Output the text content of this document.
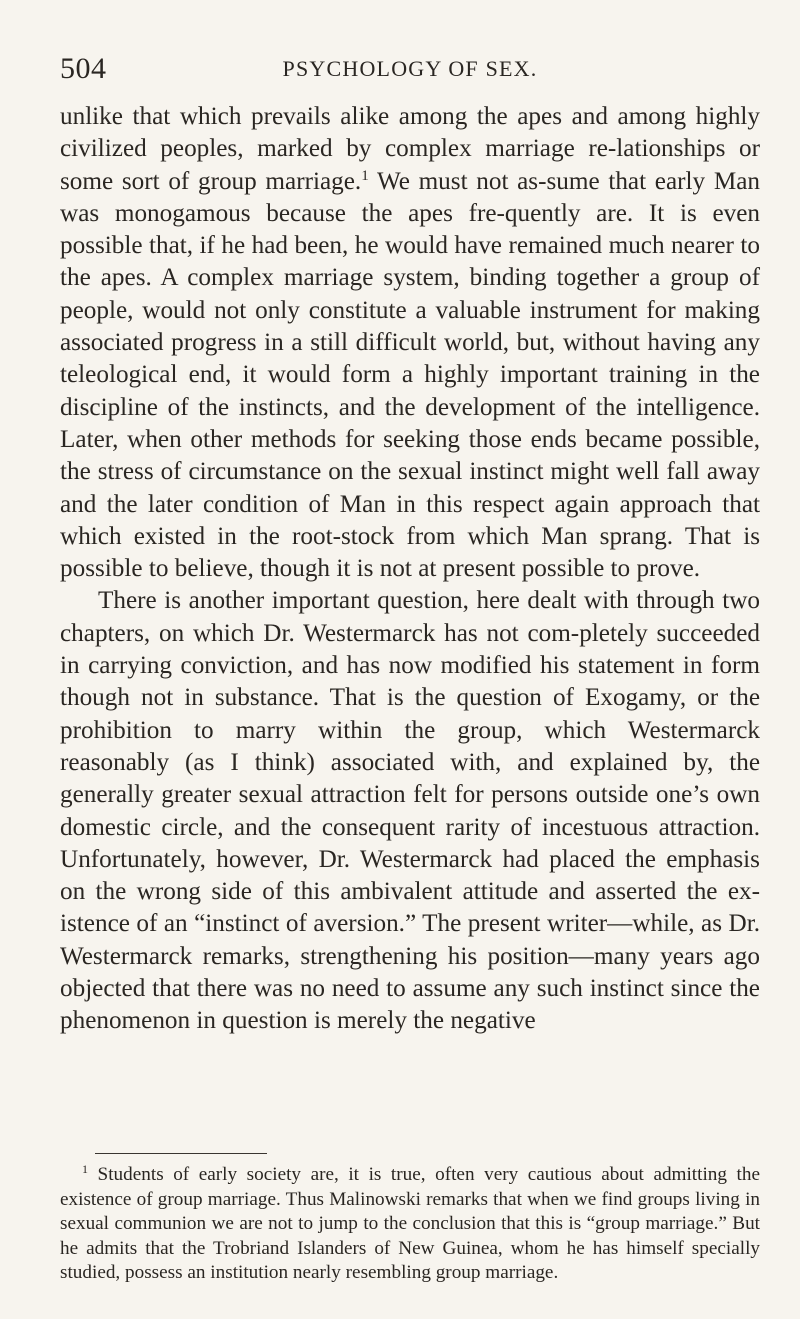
504	PSYCHOLOGY OF SEX.

unlike that which prevails alike among the apes and among highly civilized peoples, marked by complex marriage re-lationships or some sort of group marriage.$^1$ We must not as-sume that early Man was monogamous because the apes fre-quently are. It is even possible that, if he had been, he would have remained much nearer to the apes. A complex marriage system, binding together a group of people, would not only constitute a valuable instrument for making associated progress in a still difficult world, but, without having any teleological end, it would form a highly important training in the discipline of the instincts, and the development of the intelligence. Later, when other methods for seeking those ends became possible, the stress of circumstance on the sexual instinct might well fall away and the later condition of Man in this respect again approach that which existed in the root-stock from which Man sprang. That is possible to believe, though it is not at present possible to prove.

There is another important question, here dealt with through two chapters, on which Dr. Westermarck has not com-pletely succeeded in carrying conviction, and has now modified his statement in form though not in substance. That is the question of Exogamy, or the prohibition to marry within the group, which Westermarck reasonably (as I think) associated with, and explained by, the generally greater sexual attraction felt for persons outside one’s own domestic circle, and the consequent rarity of incestuous attraction. Unfortunately, however, Dr. Westermarck had placed the emphasis on the wrong side of this ambivalent attitude and asserted the ex-istence of an “instinct of aversion.” The present writer—while, as Dr. Westermarck remarks, strengthening his position—many years ago objected that there was no need to assume any such instinct since the phenomenon in question is merely the negative

$^1$ Students of early society are, it is true, often very cautious about admitting the existence of group marriage. Thus Malinowski remarks that when we find groups living in sexual communion we are not to jump to the conclusion that this is “group marriage.” But he admits that the Trobriand Islanders of New Guinea, whom he has himself specially studied, possess an institution nearly resembling group marriage.
